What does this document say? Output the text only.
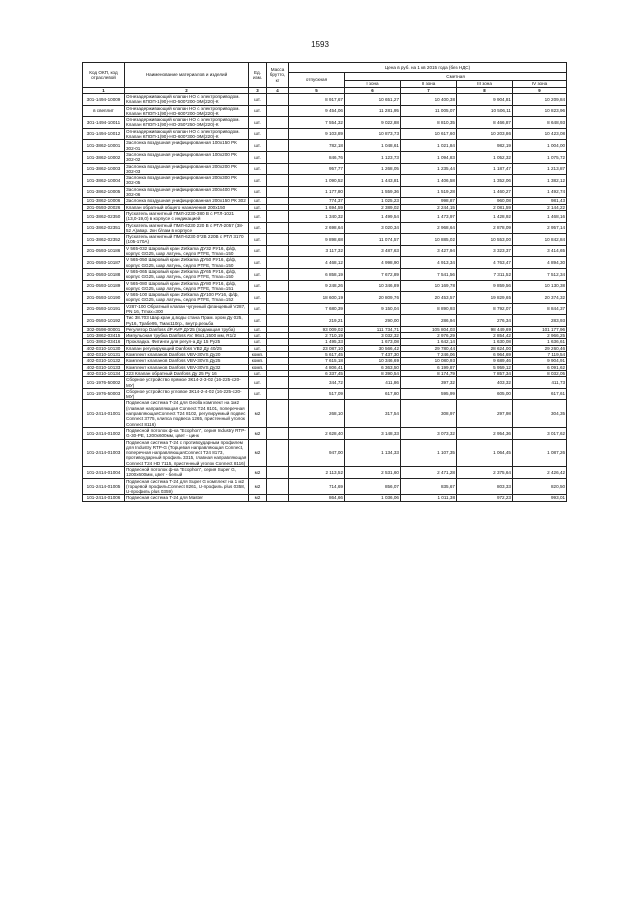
1593
Код ОКП, код отраслевой	Наименование материалов и изделий	Ед. изм.	Масса брутто, кг	Цена в руб. на 1 кв 2015 года (без НДС)				
				отпускная	Сметная			
					I зона	II зона	III зона	IV зона
1	2	3	4	5	6	7	8	9
301-1494-10009	Огнезадерживающий клапан НО с электроприводом. Клапан КПОП-1(90)-НО-500*200-ЭМ(220)-К	шт.		8 917,67	10 651,27	10 400,38	9 904,81	10 209,84
в свеплит	Огнезадерживающий клапан НО с электроприводом. Клапан КПОП-1(90)-НО-600*200-ЭМ(220)-К	шт.		9 454,06	11 281,95	11 005,07	10 506,11	10 823,96
301-1494-10011	Огнезадерживающий клапан НО с электроприводом. Клапан КПОП-1(90)-НО-250*250-ЭМ(220)-К	шт.		7 554,32	9 022,88	8 810,35	8 466,87	8 648,93
301-1494-10012	Огнезадерживающий клапан НО с электроприводом. Клапан КПОП-1(90)-НО-600*300-ЭМ(220)-К	шт.		9 103,89	10 873,73	10 617,60	10 203,86	10 423,08
101-3862-10001	Заслонка воздушная унифицированная 100x150 РК 302-01	шт.		782,18	1 048,61	1 021,84	982,19	1 004,00
101-3862-10002	Заслонка воздушная унифицированная 100x200 РК 302-02	шт.		846,76	1 123,73	1 094,83	1 052,32	1 075,72
101-3862-10003	Заслонка воздушная унифицированная 200x200 РК 302-03	шт.		957,77	1 268,05	1 235,44	1 187,47	1 213,87
101-3862-10004	Заслонка воздушная унифицированная 200x300 РК 302-05	шт.		1 090,52	1 443,81	1 406,58	1 352,06	1 382,12
101-3862-10005	Заслонка воздушная унифицированная 200x400 РК 302-06	шт.		1 177,80	1 559,36	1 519,28	1 460,27	1 492,74
101-3862-10006	Заслонка воздушная унифицированная 200x150 РК 302	шт.		774,37	1 025,23	998,87	960,08	981,43
201-0593-20026	Клапан обратный общего назначения 200x150	шт.		1 694,59	2 389,02	2 244,15	2 081,59	2 144,22
101-3862-02350	Пускатель магнитный ПМЛ-2230-380 В с РТЛ-1021 (13,0-19,0) в корпусе с индикацией	шт.		1 340,32	1 499,54	1 473,97	1 428,92	1 468,16
101-3862-02351	Пускатель магнитный ПМЛ-6230 220 В с РТЛ-2057 (38-52 А)авар. 2кн б/лам в корпусе	шт.		2 698,64	3 020,34	2 968,64	2 878,09	2 957,14
101-3862-02352	Пускатель магнитный ПМЛ-6230 0*2В 220В с РТЛ 3170 (105-170А)	шт.		9 898,68	11 074,57	10 885,02	10 553,00	10 842,84
201-0593-10186	V 565-032 Шаровый кран Zetkama ДУ32 РУ16, ф/ф, корпус GG25, шар латунь, седло PTFE, Tmax=150	шт.		3 117,32	3 487,63	3 427,94	3 323,37	3 414,65
201-0593-10187	V 565-050 Шаровый кран Zetkama ДУ50 РУ16, ф/ф, корпус GG25, шар латунь, седло PTFE, Tmax=150	шт.		4 468,12	4 998,90	4 913,34	4 763,47	4 894,30
201-0593-10188	V 565-065 Шаровый кран Zetkama ДУ65 РУ16, ф/ф, корпус GG25, шар латунь, седло PTFE, Tmax=150	шт.		6 858,19	7 672,89	7 541,56	7 311,52	7 512,34
201-0593-10189	V 565-080 Шаровый кран Zetkama ДУ80 РУ16, ф/ф, корпус GG25, шар латунь, седло PTFE, Tmax=151	шт.		9 248,26	10 346,89	10 169,78	9 859,56	10 130,38
201-0593-10190	V 565-100 Шаровый кран Zetkama ДУ100 РУ16, ф/ф, корпус GG25, шар латунь, седло PTFE, Tmax=152	шт.		18 600,19	20 809,76	20 453,57	19 829,65	20 374,32
201-0593-10191	V287-100 Обратный клапан чугунный фланцевый V287, PN 16, Tmax=300	шт.		7 680,39	9 150,04	8 890,93	8 792,07	8 844,37
201-0593-10192	Тис 38.703 Шар.кран д.воды стана Прам. хром Ду 025, Ру16, Трабе95, Тмах110гр., внутр.резьба	шт.		219,21	290,00	286,94	276,34	283,93
302-0598-00001	Регулятор Danfoss dP AVP ДУ25 (подающая труба)	шт.		93 009,02	111 734,71	105 804,03	98 449,69	101 177,96
101-3862-03415	Импульсная трубка Danfoss AV. 96x1,1500 мм, R1/2	шт.		2 710,19	3 032,32	2 976,29	2 854,42	2 966,25
101-3862-03416	Прокладка. Фитинги для регул-а Ду 15 Ру25	шт.		1 495,33	1 673,08	1 642,14	1 630,08	1 636,61
402-0310-10130	Клапан регулирующий Danfoss VB2 Ду 40/25	шт.		23 087,10	30 566,42	29 780,44	28 624,00	29 260,46
402-0310-10131	Комплект клапанов Danfoss VBV-30VS Ду20	комп.		5 617,45	7 437,30	7 246,06	6 964,69	7 119,54
402-0310-10132	Комплект клапанов Danfoss VBV-30VS Ду25	комп.		7 615,18	10 346,69	10 080,93	9 689,46	9 904,91
402-0310-10133	Комплект клапанов Danfoss VBV-30VS Ду32	комп.		4 806,41	6 363,50	6 199,87	5 959,12	6 091,62
402-0310-10134	223 Клапан обратный Danfoss Ду 25 Ру 16	шт.		6 337,45	8 390,54	8 174,79	7 857,34	8 032,05
101-1976-50002	Сборное устройство прямое 3К14-2-3-02 (16-225-с20-МУ)	шт.		344,72	411,86	397,32	403,32	411,73
101-1976-50003	Сборное устройство угловое 3К14-2-4-02 (16-225-с20-МУ)	шт.		517,09	617,80	595,99	605,00	617,61
101-2414-01001	Подвесная система T-24 для Geolla комплект на 1м2 (главная направляющая Connect T24 8101, поперечная направляющаяConnect T24 8102, регулируемый подвес Connect 3775, клипса подвеса 1265, пристенный уголок Connect 8116)	м2		268,10	317,54	308,97	297,98	304,35
101-2414-01002	Подвесной потолок ф-ка "Ecophon", серия Industry RTP-G-30-PE, 1200x600мм, цвет - цинк	м2		2 628,40	3 148,33	3 073,32	2 954,36	3 017,62
101-2414-01003	Подвесная система T-24 с противоударным профилем для Industry RTP-G (Торцевая направляющая Connect, поперечная направляющаяConnect T24 8173, противоударный профиль 3315, главная направляющая Connect T24 HD 7115, пристенный уголок Connect 8116)	м2		947,00	1 134,33	1 107,35	1 064,45	1 087,26
101-2414-01004	Подвесной потолок ф-ка "Ecophon", серия Super G, 1200x600мм, цвет - белый	м2		2 113,52	2 531,60	2 471,28	2 375,64	2 426,42
101-2414-01005	Подвесная система T-24 для Super G комплект на 1 м2 (торцевой профильConnect 8261, U-профиль plus 0358, U-профиль plus 0359)	м2		714,69	856,07	835,67	803,33	820,50
101-2414-01006	Подвесная система T-24 для Master	м2		864,66	1 036,06	1 011,38	972,23	993,01
